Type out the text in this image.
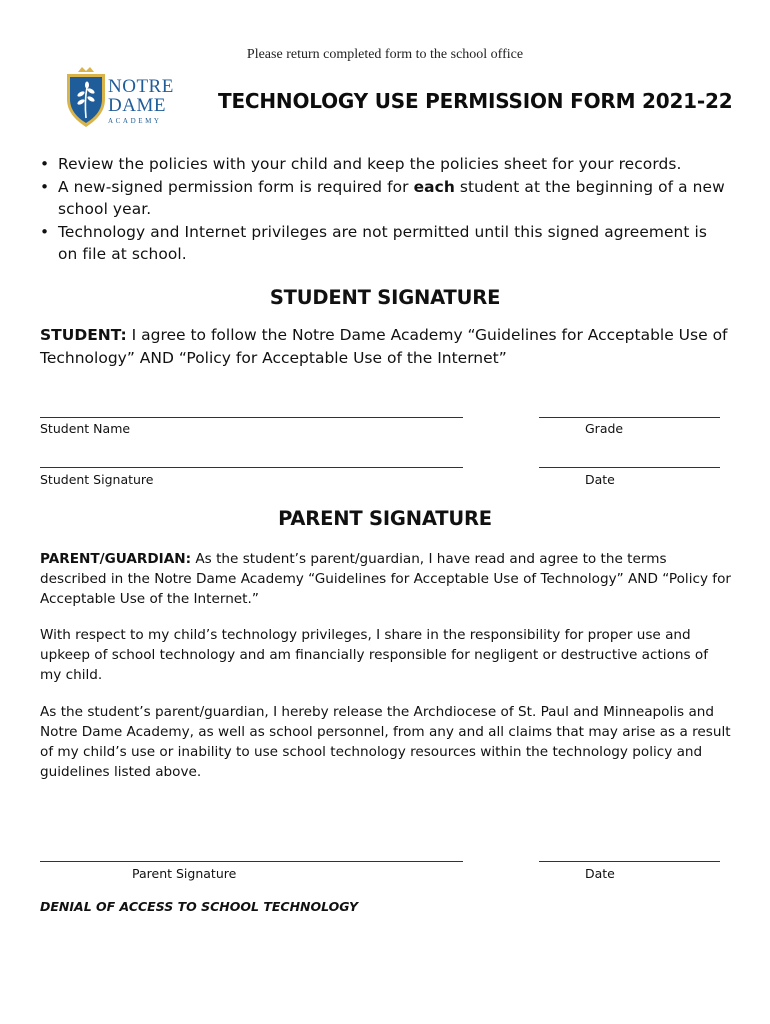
Please return completed form to the school office
NOTRE
DAME
ACADEMY
TECHNOLOGY USE PERMISSION FORM 2021-22
• Review the policies with your child and keep the policies sheet for your records.
• A new-signed permission form is required for each student at the beginning of a new school year.
• Technology and Internet privileges are not permitted until this signed agreement is on file at school.
STUDENT SIGNATURE
STUDENT: I agree to follow the Notre Dame Academy “Guidelines for Acceptable Use of Technology” AND “Policy for Acceptable Use of the Internet”
Student Name	Grade
Student Signature	Date
PARENT SIGNATURE
PARENT/GUARDIAN: As the student’s parent/guardian, I have read and agree to the terms described in the Notre Dame Academy “Guidelines for Acceptable Use of Technology” AND “Policy for Acceptable Use of the Internet.”
With respect to my child’s technology privileges, I share in the responsibility for proper use and upkeep of school technology and am financially responsible for negligent or destructive actions of my child.
As the student’s parent/guardian, I hereby release the Archdiocese of St. Paul and Minneapolis and Notre Dame Academy, as well as school personnel, from any and all claims that may arise as a result of my child’s use or inability to use school technology resources within the technology policy and guidelines listed above.
Parent Signature	Date
DENIAL OF ACCESS TO SCHOOL TECHNOLOGY
